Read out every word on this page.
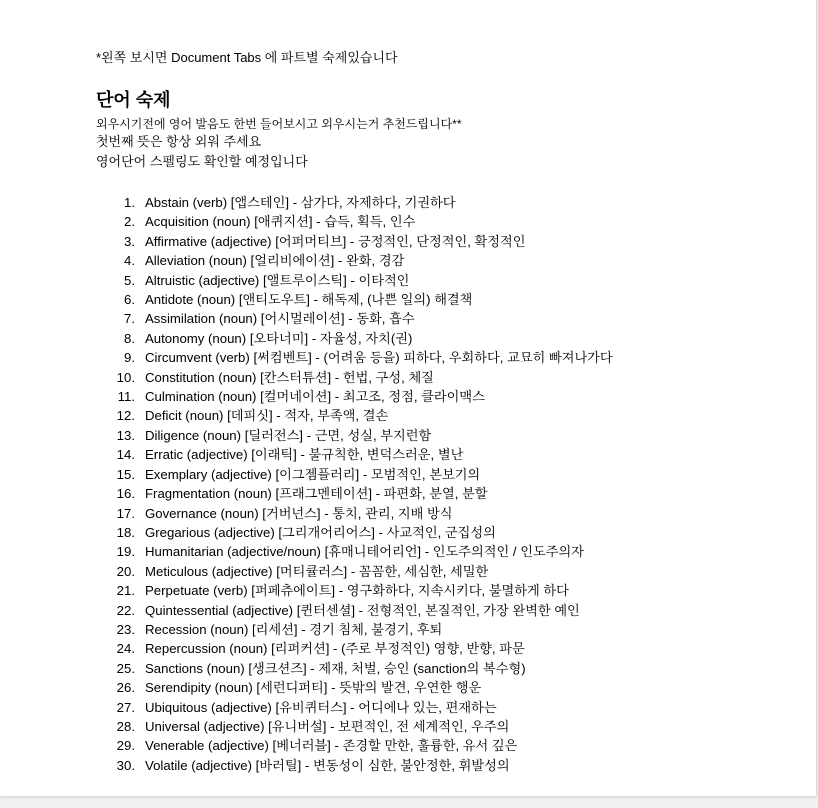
*왼쪽 보시면 Document Tabs 에 파트별 숙제있습니다
단어 숙제
외우시기전에 영어 발음도 한번 들어보시고 외우시는거 추천드립니다**
첫번째 뜻은 항상 외워 주세요
영어단어 스펠링도 확인할 예정입니다
1. Abstain (verb) [앱스테인] - 삼가다, 자제하다, 기권하다
2. Acquisition (noun) [애퀴지션] - 습득, 획득, 인수
3. Affirmative (adjective) [어퍼머티브] - 긍정적인, 단정적인, 확정적인
4. Alleviation (noun) [얼리비에이션] - 완화, 경감
5. Altruistic (adjective) [앨트루이스틱] - 이타적인
6. Antidote (noun) [앤티도우트] - 해독제, (나쁜 일의) 해결책
7. Assimilation (noun) [어시멀레이션] - 동화, 흡수
8. Autonomy (noun) [오타너미] - 자율성, 자치(권)
9. Circumvent (verb) [써컴벤트] - (어려움 등을) 피하다, 우회하다, 교묘히 빠져나가다
10. Constitution (noun) [칸스터튜션] - 헌법, 구성, 체질
11. Culmination (noun) [컬머네이션] - 최고조, 정점, 클라이맥스
12. Deficit (noun) [데피싯] - 적자, 부족액, 결손
13. Diligence (noun) [딜러전스] - 근면, 성실, 부지런함
14. Erratic (adjective) [이래틱] - 불규칙한, 변덕스러운, 별난
15. Exemplary (adjective) [이그젬플러리] - 모범적인, 본보기의
16. Fragmentation (noun) [프래그멘테이션] - 파편화, 분열, 분할
17. Governance (noun) [거버넌스] - 통치, 관리, 지배 방식
18. Gregarious (adjective) [그리개어리어스] - 사교적인, 군집성의
19. Humanitarian (adjective/noun) [휴매니테어리언] - 인도주의적인 / 인도주의자
20. Meticulous (adjective) [머티큘러스] - 꼼꼼한, 세심한, 세밀한
21. Perpetuate (verb) [퍼페츄에이트] - 영구화하다, 지속시키다, 불멸하게 하다
22. Quintessential (adjective) [퀸터센셜] - 전형적인, 본질적인, 가장 완벽한 예인
23. Recession (noun) [리세션] - 경기 침체, 불경기, 후퇴
24. Repercussion (noun) [리퍼커션] - (주로 부정적인) 영향, 반향, 파문
25. Sanctions (noun) [생크션즈] - 제재, 처벌, 승인 (sanction의 복수형)
26. Serendipity (noun) [세런디퍼티] - 뜻밖의 발견, 우연한 행운
27. Ubiquitous (adjective) [유비퀴터스] - 어디에나 있는, 편재하는
28. Universal (adjective) [유니버설] - 보편적인, 전 세계적인, 우주의
29. Venerable (adjective) [베너러블] - 존경할 만한, 훌륭한, 유서 깊은
30. Volatile (adjective) [바러틸] - 변동성이 심한, 불안정한, 휘발성의
